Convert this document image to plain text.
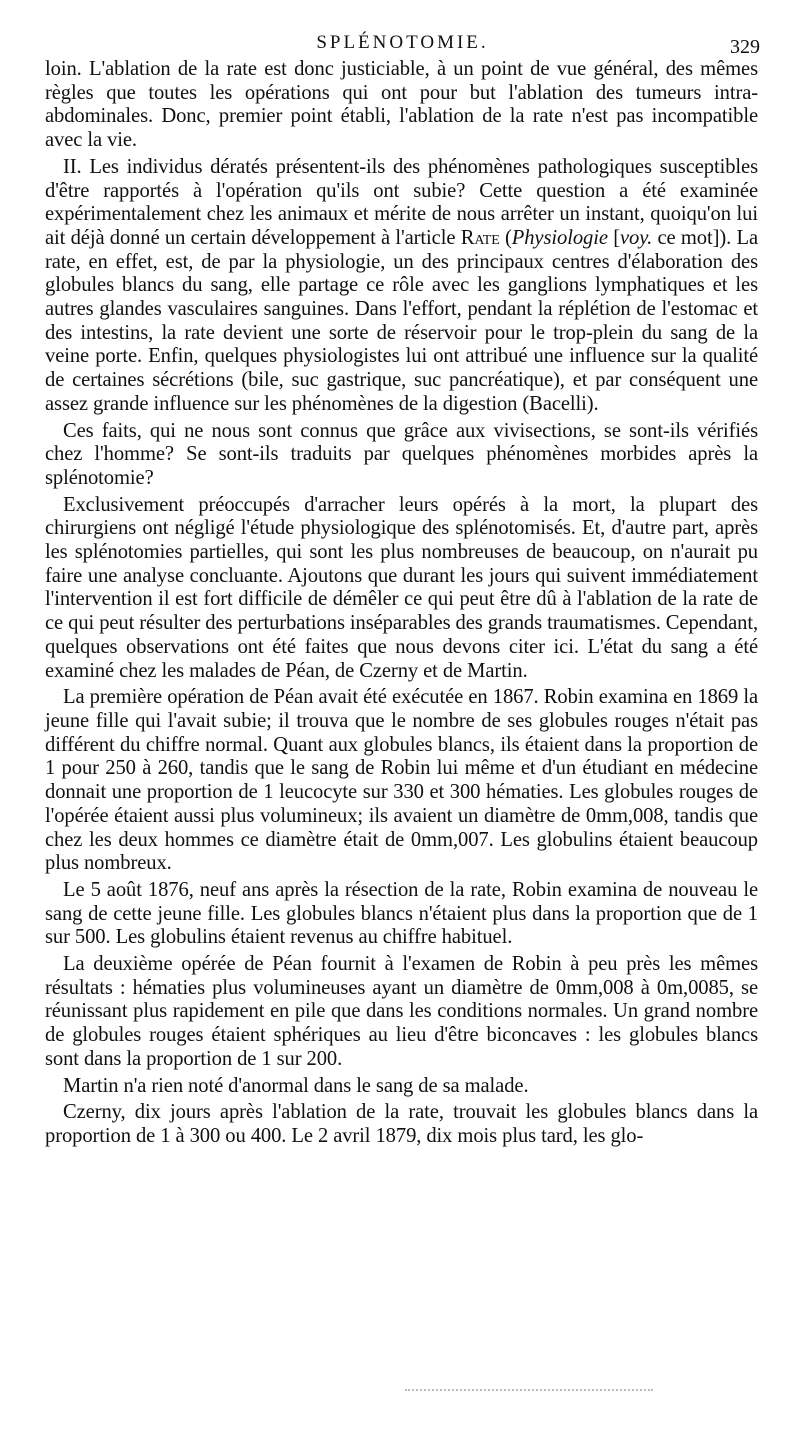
SPLÉNOTOMIE.	329

loin. L'ablation de la rate est donc justiciable, à un point de vue général, des mêmes règles que toutes les opérations qui ont pour but l'ablation des tumeurs intra-abdominales. Donc, premier point établi, l'ablation de la rate n'est pas incompatible avec la vie.

II. Les individus dératés présentent-ils des phénomènes pathologiques susceptibles d'être rapportés à l'opération qu'ils ont subie? Cette question a été examinée expérimentalement chez les animaux et mérite de nous arrêter un instant, quoiqu'on lui ait déjà donné un certain développement à l'article Rate (Physiologie [voy. ce mot]). La rate, en effet, est, de par la physiologie, un des principaux centres d'élaboration des globules blancs du sang, elle partage ce rôle avec les ganglions lymphatiques et les autres glandes vasculaires sanguines. Dans l'effort, pendant la réplétion de l'estomac et des intestins, la rate devient une sorte de réservoir pour le trop-plein du sang de la veine porte. Enfin, quelques physiologistes lui ont attribué une influence sur la qualité de certaines sécrétions (bile, suc gastrique, suc pancréatique), et par conséquent une assez grande influence sur les phénomènes de la digestion (Bacelli).

Ces faits, qui ne nous sont connus que grâce aux vivisections, se sont-ils vérifiés chez l'homme? Se sont-ils traduits par quelques phénomènes morbides après la splénotomie?

Exclusivement préoccupés d'arracher leurs opérés à la mort, la plupart des chirurgiens ont négligé l'étude physiologique des splénotomisés. Et, d'autre part, après les splénotomies partielles, qui sont les plus nombreuses de beaucoup, on n'aurait pu faire une analyse concluante. Ajoutons que durant les jours qui suivent immédiatement l'intervention il est fort difficile de démêler ce qui peut être dû à l'ablation de la rate de ce qui peut résulter des perturbations inséparables des grands traumatismes. Cependant, quelques observations ont été faites que nous devons citer ici. L'état du sang a été examiné chez les malades de Péan, de Czerny et de Martin.

La première opération de Péan avait été exécutée en 1867. Robin examina en 1869 la jeune fille qui l'avait subie; il trouva que le nombre de ses globules rouges n'était pas différent du chiffre normal. Quant aux globules blancs, ils étaient dans la proportion de 1 pour 250 à 260, tandis que le sang de Robin lui même et d'un étudiant en médecine donnait une proportion de 1 leucocyte sur 330 et 300 hématies. Les globules rouges de l'opérée étaient aussi plus volumineux; ils avaient un diamètre de 0mm,008, tandis que chez les deux hommes ce diamètre était de 0mm,007. Les globulins étaient beaucoup plus nombreux.

Le 5 août 1876, neuf ans après la résection de la rate, Robin examina de nouveau le sang de cette jeune fille. Les globules blancs n'étaient plus dans la proportion que de 1 sur 500. Les globulins étaient revenus au chiffre habituel.

La deuxième opérée de Péan fournit à l'examen de Robin à peu près les mêmes résultats : hématies plus volumineuses ayant un diamètre de 0mm,008 à 0m,0085, se réunissant plus rapidement en pile que dans les conditions normales. Un grand nombre de globules rouges étaient sphériques au lieu d'être biconcaves : les globules blancs sont dans la proportion de 1 sur 200.

Martin n'a rien noté d'anormal dans le sang de sa malade.

Czerny, dix jours après l'ablation de la rate, trouvait les globules blancs dans la proportion de 1 à 300 ou 400. Le 2 avril 1879, dix mois plus tard, les glo-
